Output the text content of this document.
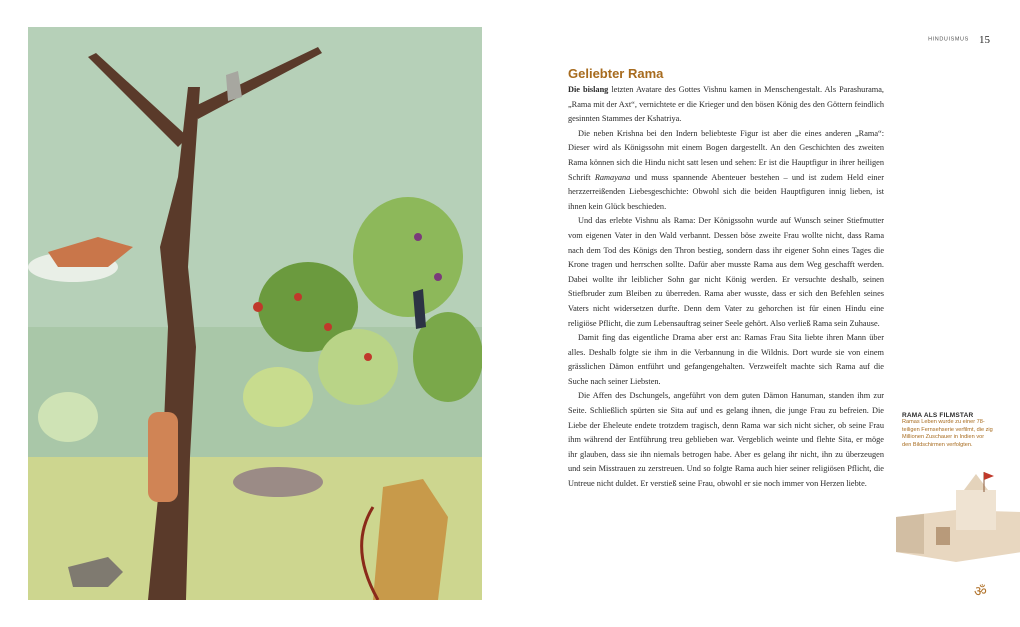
HINDUISMUS 15
Geliebter Rama

Die bislang letzten Avatare des Gottes Vishnu kamen in Menschengestalt. Als Parashurama, „Rama mit der Axt“, vernichtete er die Krieger und den bösen König des den Göttern feindlich gesinnten Stammes der Kshatriya.

Die neben Krishna bei den Indern beliebteste Figur ist aber die eines anderen „Rama“: Dieser wird als Königssohn mit einem Bogen dargestellt. An den Geschichten des zweiten Rama können sich die Hindu nicht satt lesen und sehen: Er ist die Hauptfigur in ihrer heiligen Schrift Ramayana und muss spannende Abenteuer bestehen – und ist zudem Held einer herzzerreißenden Liebesgeschichte: Obwohl sich die beiden Hauptfiguren innig lieben, ist ihnen kein Glück beschieden.

Und das erlebte Vishnu als Rama: Der Königssohn wurde auf Wunsch seiner Stiefmutter vom eigenen Vater in den Wald verbannt. Dessen böse zweite Frau wollte nicht, dass Rama nach dem Tod des Königs den Thron bestieg, sondern dass ihr eigener Sohn eines Tages die Krone tragen und herrschen sollte. Dafür aber musste Rama aus dem Weg geschafft werden. Dabei wollte ihr leiblicher Sohn gar nicht König werden. Er versuchte deshalb, seinen Stiefbruder zum Bleiben zu überreden. Rama aber wusste, dass er sich den Befehlen seines Vaters nicht widersetzen durfte. Denn dem Vater zu gehorchen ist für einen Hindu eine religiöse Pflicht, die zum Lebensauftrag seiner Seele gehört. Also verließ Rama sein Zuhause.

Damit fing das eigentliche Drama aber erst an: Ramas Frau Sita liebte ihren Mann über alles. Deshalb folgte sie ihm in die Verbannung in die Wildnis. Dort wurde sie von einem grässlichen Dämon entführt und gefangengehalten. Verzweifelt machte sich Rama auf die Suche nach seiner Liebsten.

Die Affen des Dschungels, angeführt von dem guten Dämon Hanuman, standen ihm zur Seite. Schließlich spürten sie Sita auf und es gelang ihnen, die junge Frau zu befreien. Die Liebe der Eheleute endete trotzdem tragisch, denn Rama war sich nicht sicher, ob seine Frau ihm während der Entführung treu geblieben war. Vergeblich weinte und flehte Sita, er möge ihr glauben, dass sie ihn niemals betrogen habe. Aber es gelang ihr nicht, ihn zu überzeugen und sein Misstrauen zu zerstreuen. Und so folgte Rama auch hier seiner religiösen Pflicht, die Untreue nicht duldet. Er verstieß seine Frau, obwohl er sie noch immer von Herzen liebte.

RAMA ALS FILMSTAR
Ramas Leben wurde zu einer 78-teiligen Fernsehserie verfilmt, die zig Millionen Zuschauer in Indien vor den Bildschirmen verfolgten.
ॐ
